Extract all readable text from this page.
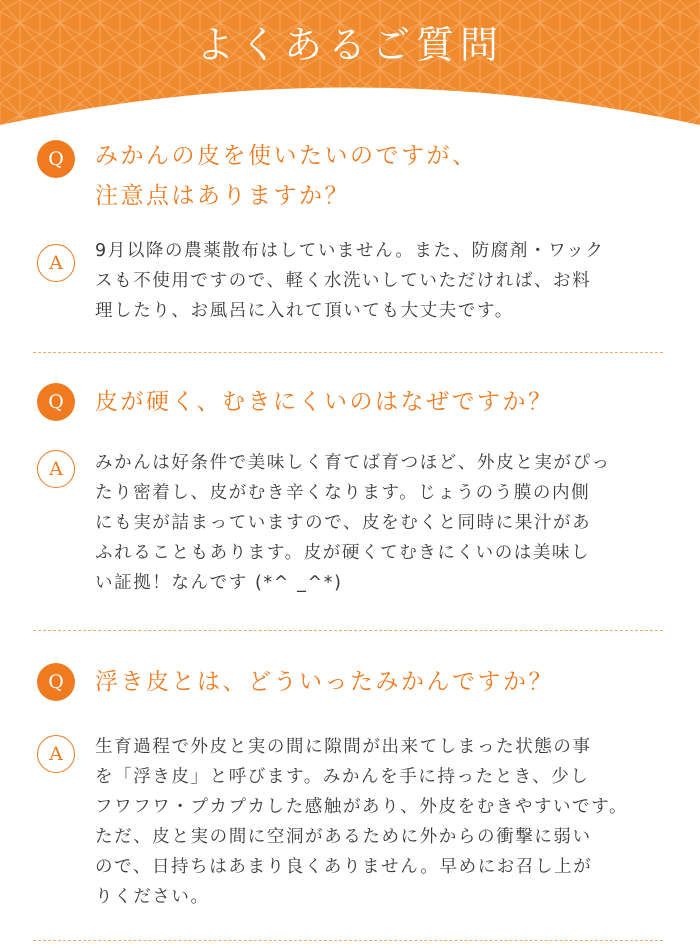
よくあるご質問
Q	みかんの皮を使いたいのですが、
注意点はありますか？
A
9月以降の農薬散布はしていません。また、防腐剤・ワック
スも不使用ですので、軽く水洗いしていただければ、お料
理したり、お風呂に入れて頂いても大丈夫です。
Q	皮が硬く、むきにくいのはなぜですか？
A	みかんは好条件で美味しく育てば育つほど、外皮と実がぴっ
たり密着し、皮がむき辛くなります。じょうのう膜の内側
にも実が詰まっていますので、皮をむくと同時に果汁があ
ふれることもあります。皮が硬くてむきにくいのは美味し
い証拠！なんです (*^ _^*)
Q	浮き皮とは、どういったみかんですか？
A	生育過程で外皮と実の間に隙間が出来てしまった状態の事
を「浮き皮」と呼びます。みかんを手に持ったとき、少し
フワフワ・プカプカした感触があり、外皮をむきやすいです。
ただ、皮と実の間に空洞があるために外からの衝撃に弱い
ので、日持ちはあまり良くありません。早めにお召し上が
りください。
